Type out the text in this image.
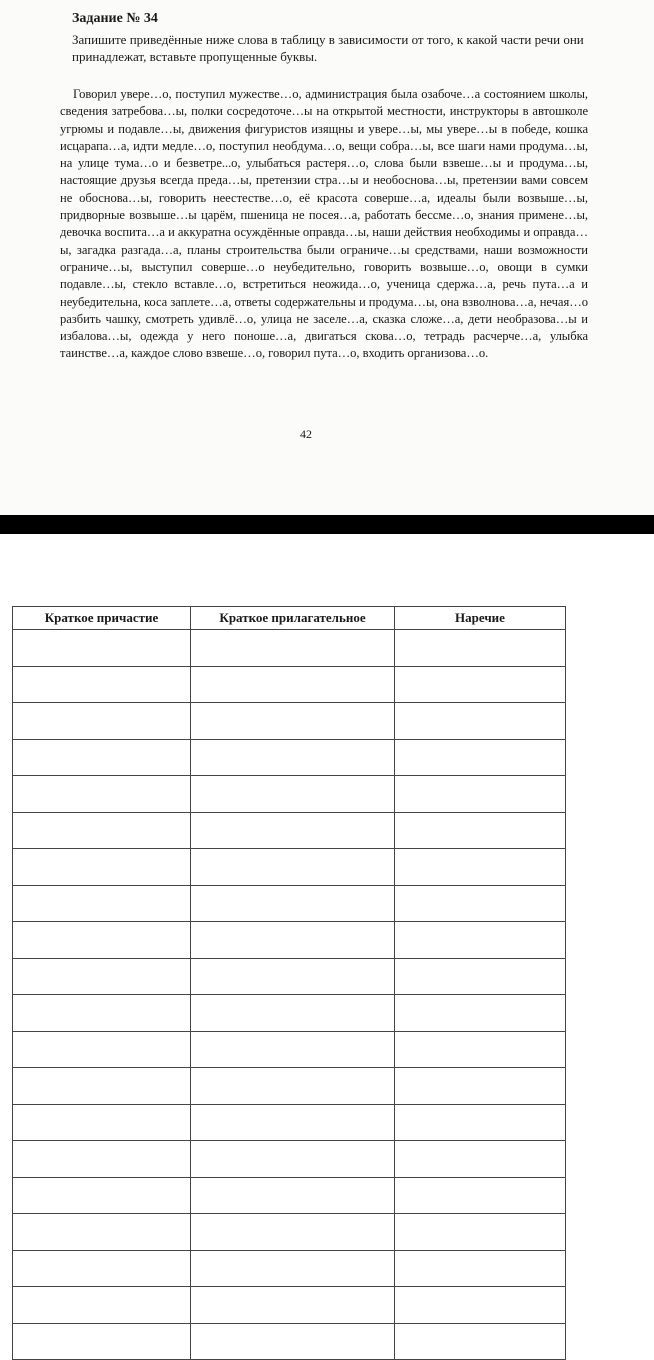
Задание № 34
Запишите приведённые ниже слова в таблицу в зависимости от того, к какой части речи они принадлежат, вставьте пропущенные буквы.
Говорил увере…о, поступил мужестве…о, администрация была озабоче…а состоянием школы, сведения затребова…ы, полки сосредоточе…ы на открытой местности, инструкторы в автошколе угрюмы и подавле…ы, движения фигуристов изящны и увере…ы, мы увере…ы в победе, кошка исцарапа…а, идти медле…о, поступил необдума…о, вещи собра…ы, все шаги нами продума…ы, на улице тума…о и безветре...о, улыбаться растеря…о, слова были взвеше…ы и продума…ы, настоящие друзья всегда преда…ы, претензии стра…ы и необоснова…ы, претензии вами совсем не обоснова…ы, говорить неестестве…о, её красота соверше…а, идеалы были возвыше…ы, придворные возвыше…ы царём, пшеница не посея…а, работать бессме…о, знания примене…ы, девочка воспита…а и аккуратна осуждённые оправда…ы, наши действия необходимы и оправда…ы, загадка разгада…а, планы строительства были ограниче…ы средствами, наши возможности ограниче…ы, выступил соверше…о неубедительно, говорить возвыше…о, овощи в сумки подавле…ы, стекло вставле…о, встретиться неожида…о, ученица сдержа…а, речь пута…а и неубедительна, коса заплете…а, ответы содержательны и продума…ы, она взволнова…а, нечая…о разбить чашку, смотреть удивлё…о, улица не заселе…а, сказка сложе…а, дети необразова…ы и избалова…ы, одежда у него поноше…а, двигаться скова…о, тетрадь расчерче…а, улыбка таинстве…а, каждое слово взвеше…о, говорил пута…о, входить организова…о.
42
Краткое причастие	Краткое прилагательное	Наречие
